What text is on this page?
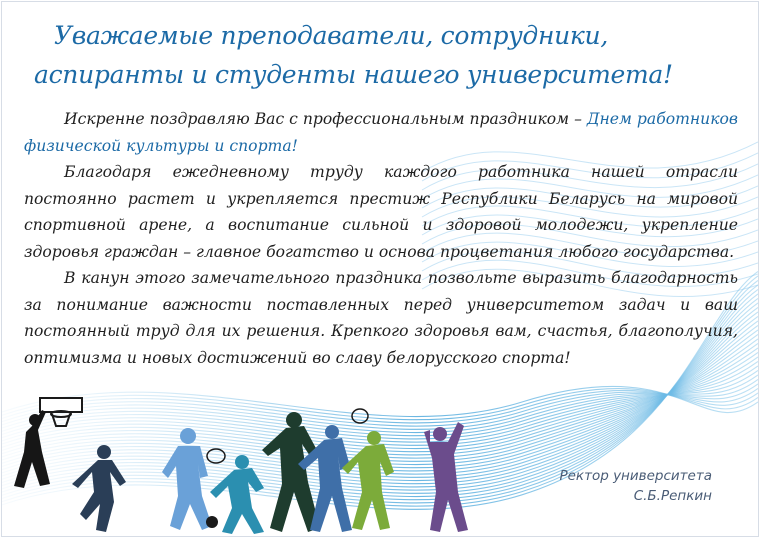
Уважаемые преподаватели, сотрудники,
аспиранты и студенты нашего университета!

Искренне поздравляю Вас с профессиональным праздником – Днем работников физической культуры и спорта!

Благодаря ежедневному труду каждого работника нашей отрасли постоянно растет и укрепляется престиж Республики Беларусь на мировой спортивной арене, а воспитание сильной и здоровой молодежи, укрепление здоровья граждан – главное богатство и основа процветания любого государства.

В канун этого замечательного праздника позвольте выразить благодарность за понимание важности поставленных перед университетом задач и ваш постоянный труд для их решения. Крепкого здоровья вам, счастья, благополучия, оптимизма и новых достижений во славу белорусского спорта!

Ректор университета
С.Б.Репкин
